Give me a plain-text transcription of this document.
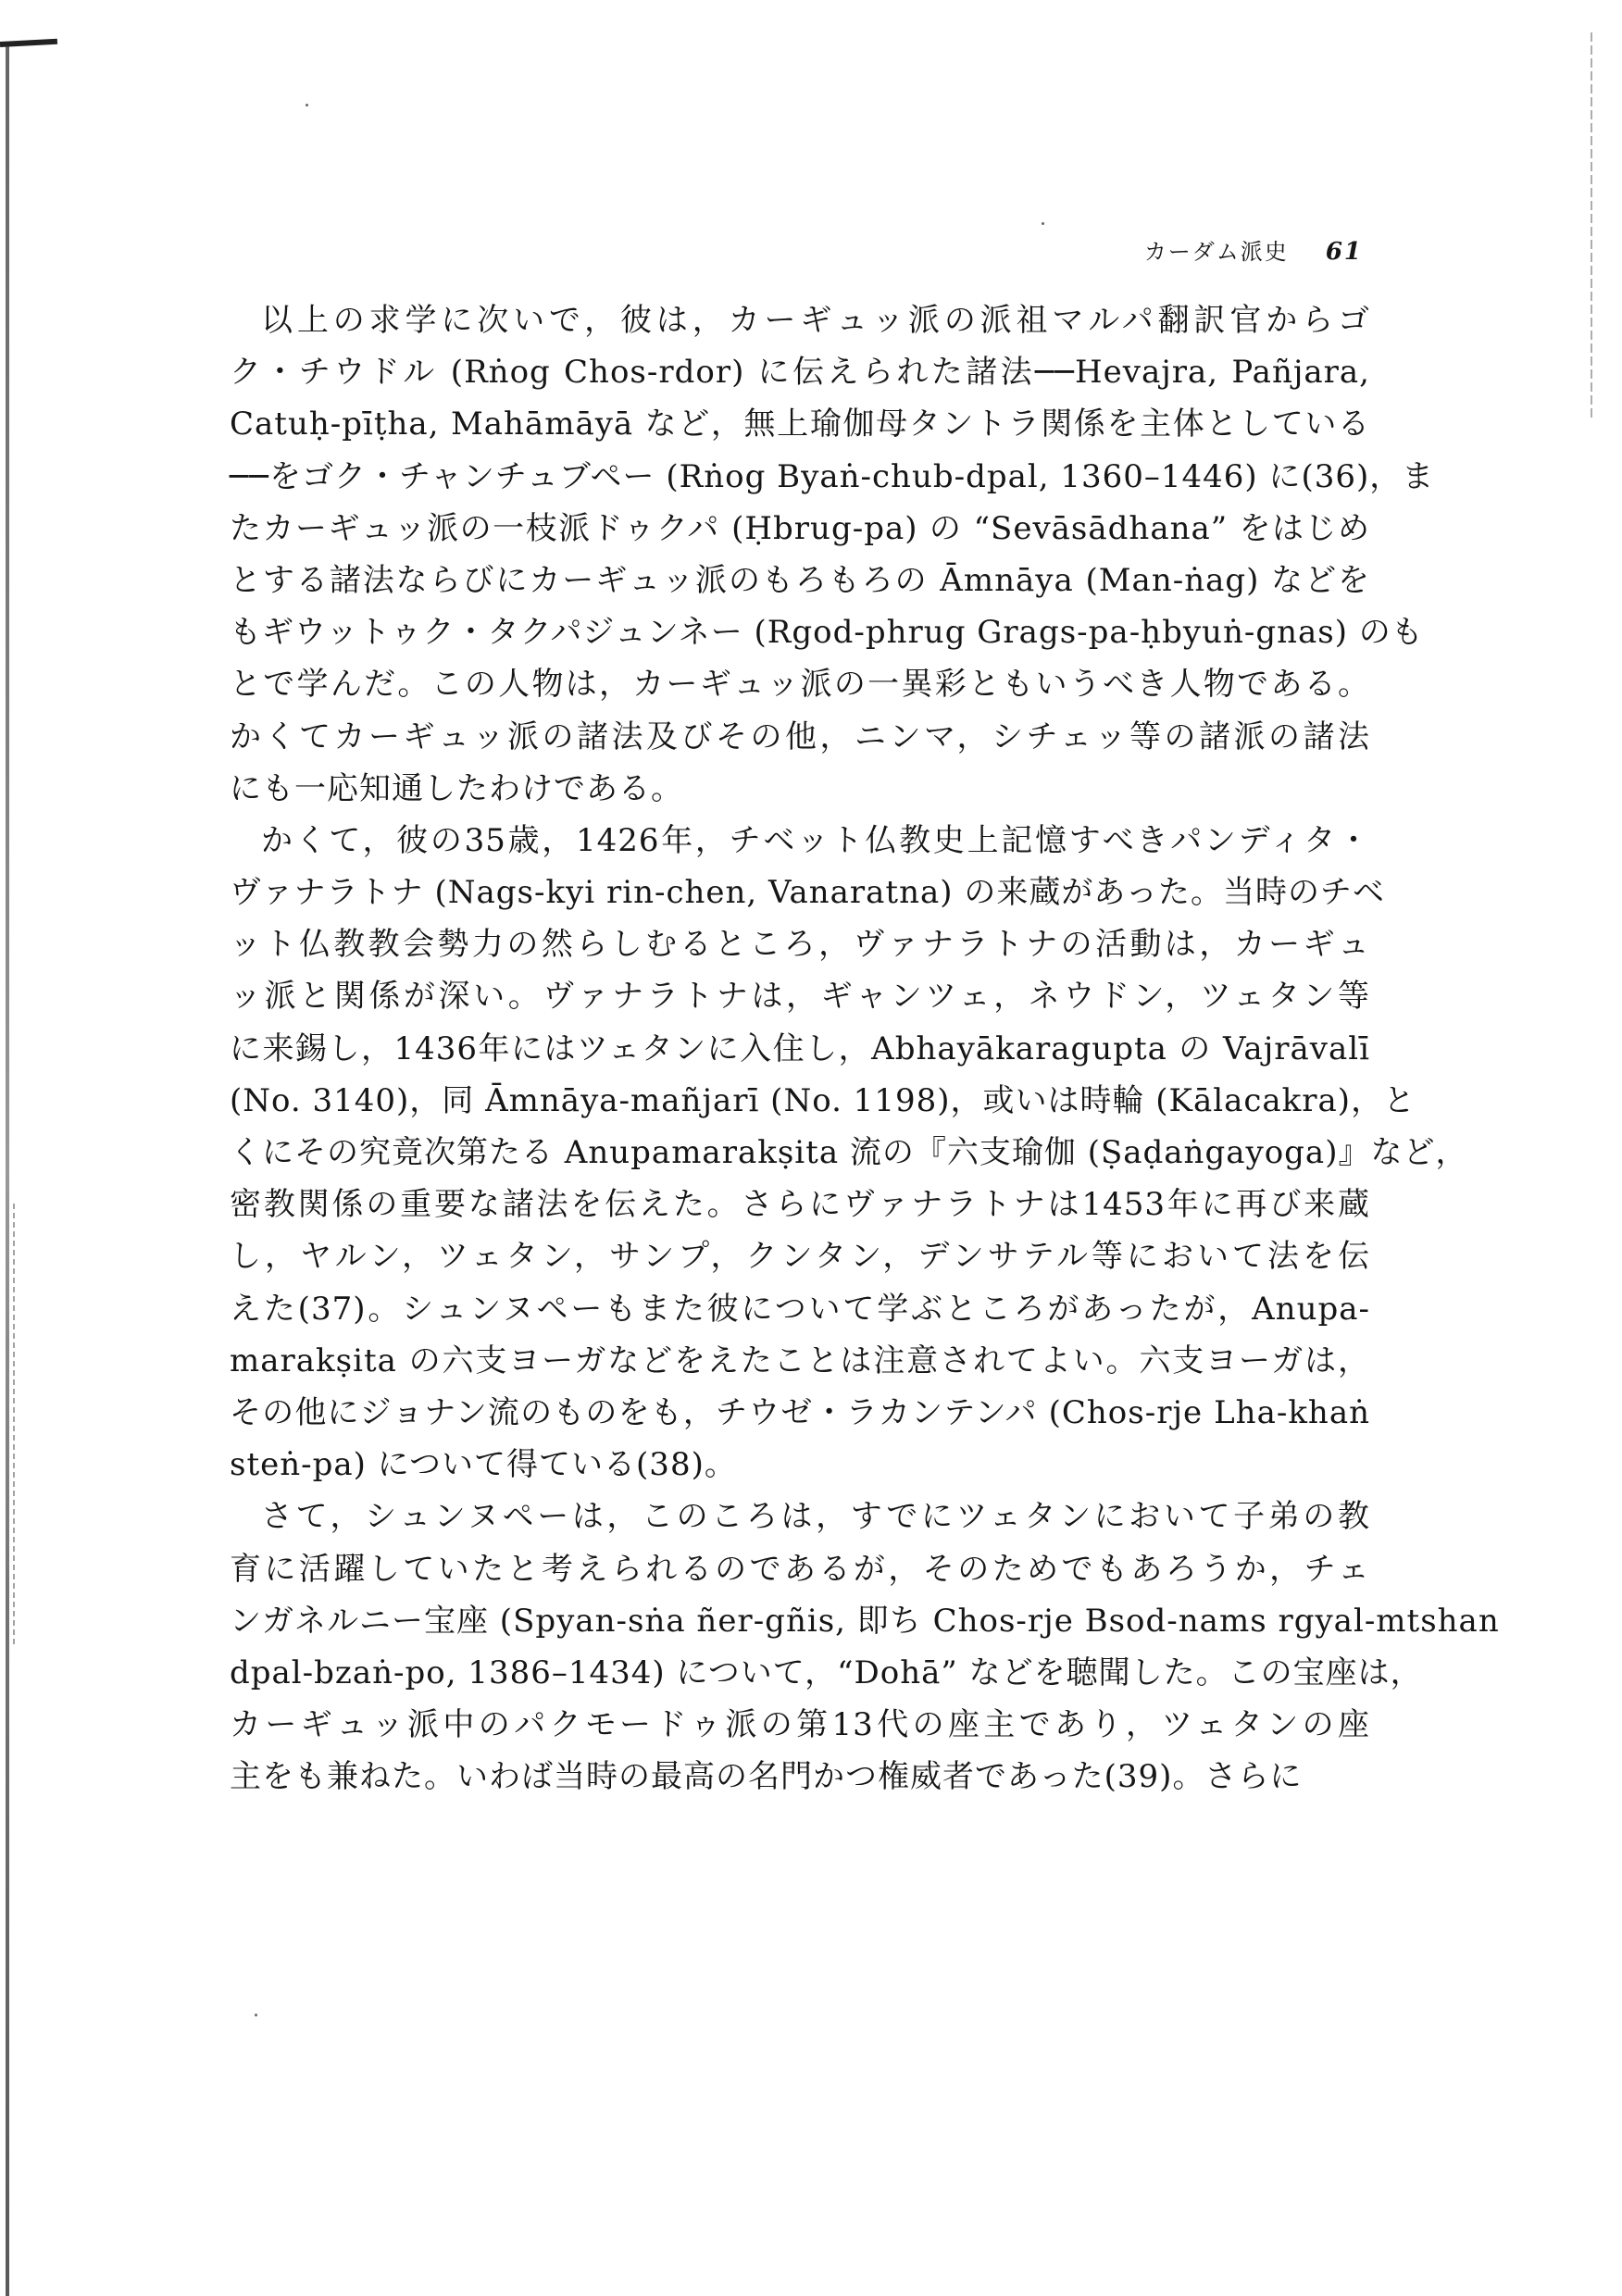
カーダム派史 61
以上の求学に次いで，彼は，カーギュッ派の派祖マルパ翻訳官からゴ
ク・チウドル (Rṅog Chos-rdor) に伝えられた諸法──Hevajra, Pañjara,
Catuḥ-pīṭha, Mahāmāyā など，無上瑜伽母タントラ関係を主体としている
──をゴク・チャンチュブペー (Rṅog Byaṅ-chub-dpal, 1360–1446) に(36)，ま
たカーギュッ派の一枝派ドゥクパ (Ḥbrug-pa) の “Sevāsādhana” をはじめ
とする諸法ならびにカーギュッ派のもろもろの Āmnāya (Man-ṅag) などを
もギウットゥク・タクパジュンネー (Rgod-phrug Grags-pa-ḥbyuṅ-gnas) のも
とで学んだ。この人物は，カーギュッ派の一異彩ともいうべき人物である。
かくてカーギュッ派の諸法及びその他，ニンマ，シチェッ等の諸派の諸法
にも一応知通したわけである。
かくて，彼の35歳，1426年，チベット仏教史上記憶すべきパンディタ・
ヴァナラトナ (Nags-kyi rin-chen, Vanaratna) の来蔵があった。当時のチベ
ット仏教教会勢力の然らしむるところ，ヴァナラトナの活動は，カーギュ
ッ派と関係が深い。ヴァナラトナは，ギャンツェ，ネウドン，ツェタン等
に来錫し，1436年にはツェタンに入住し，Abhayākaragupta の Vajrāvalī
(No. 3140)，同 Āmnāya-mañjarī (No. 1198)，或いは時輪 (Kālacakra)，と
くにその究竟次第たる Anupamarakṣita 流の『六支瑜伽 (Ṣaḍaṅgayoga)』など，
密教関係の重要な諸法を伝えた。さらにヴァナラトナは1453年に再び来蔵
し，ヤルン，ツェタン，サンプ，クンタン，デンサテル等において法を伝
えた(37)。シュンヌペーもまた彼について学ぶところがあったが，Anupa-
marakṣita の六支ヨーガなどをえたことは注意されてよい。六支ヨーガは，
その他にジョナン流のものをも，チウゼ・ラカンテンパ (Chos-rje Lha-khaṅ
steṅ-pa) について得ている(38)。
さて，シュンヌペーは，このころは，すでにツェタンにおいて子弟の教
育に活躍していたと考えられるのであるが，そのためでもあろうか，チェ
ンガネルニー宝座 (Spyan-sṅa ñer-gñis, 即ち Chos-rje Bsod-nams rgyal-mtshan
dpal-bzaṅ-po, 1386–1434) について，“Dohā” などを聴聞した。この宝座は，
カーギュッ派中のパクモードゥ派の第13代の座主であり，ツェタンの座
主をも兼ねた。いわば当時の最高の名門かつ権威者であった(39)。さらに
